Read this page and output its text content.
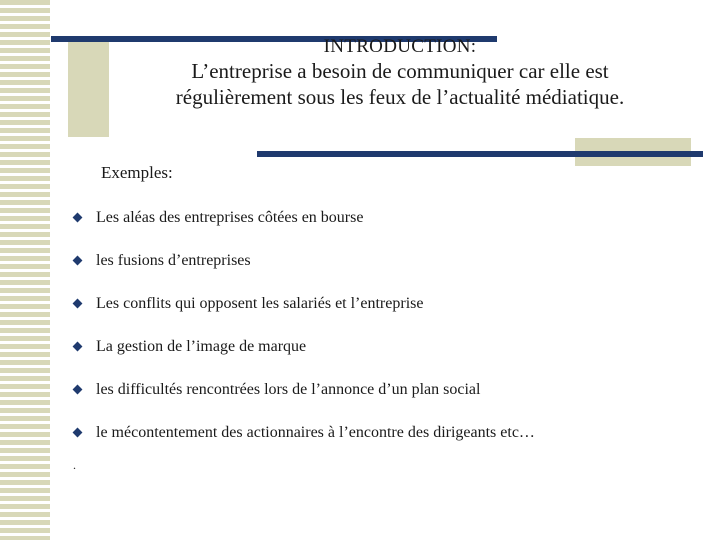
INTRODUCTION:
L’entreprise a besoin de communiquer car elle est
régulièrement sous les feux de l’actualité médiatique.
Exemples:
Les aléas des entreprises côtées en bourse
les fusions d’entreprises
Les conflits qui opposent les salariés et l’entreprise
La gestion de l’image de marque
les difficultés rencontrées lors de l’annonce d’un plan social
le mécontentement des actionnaires à l’encontre des dirigeants etc…
.
